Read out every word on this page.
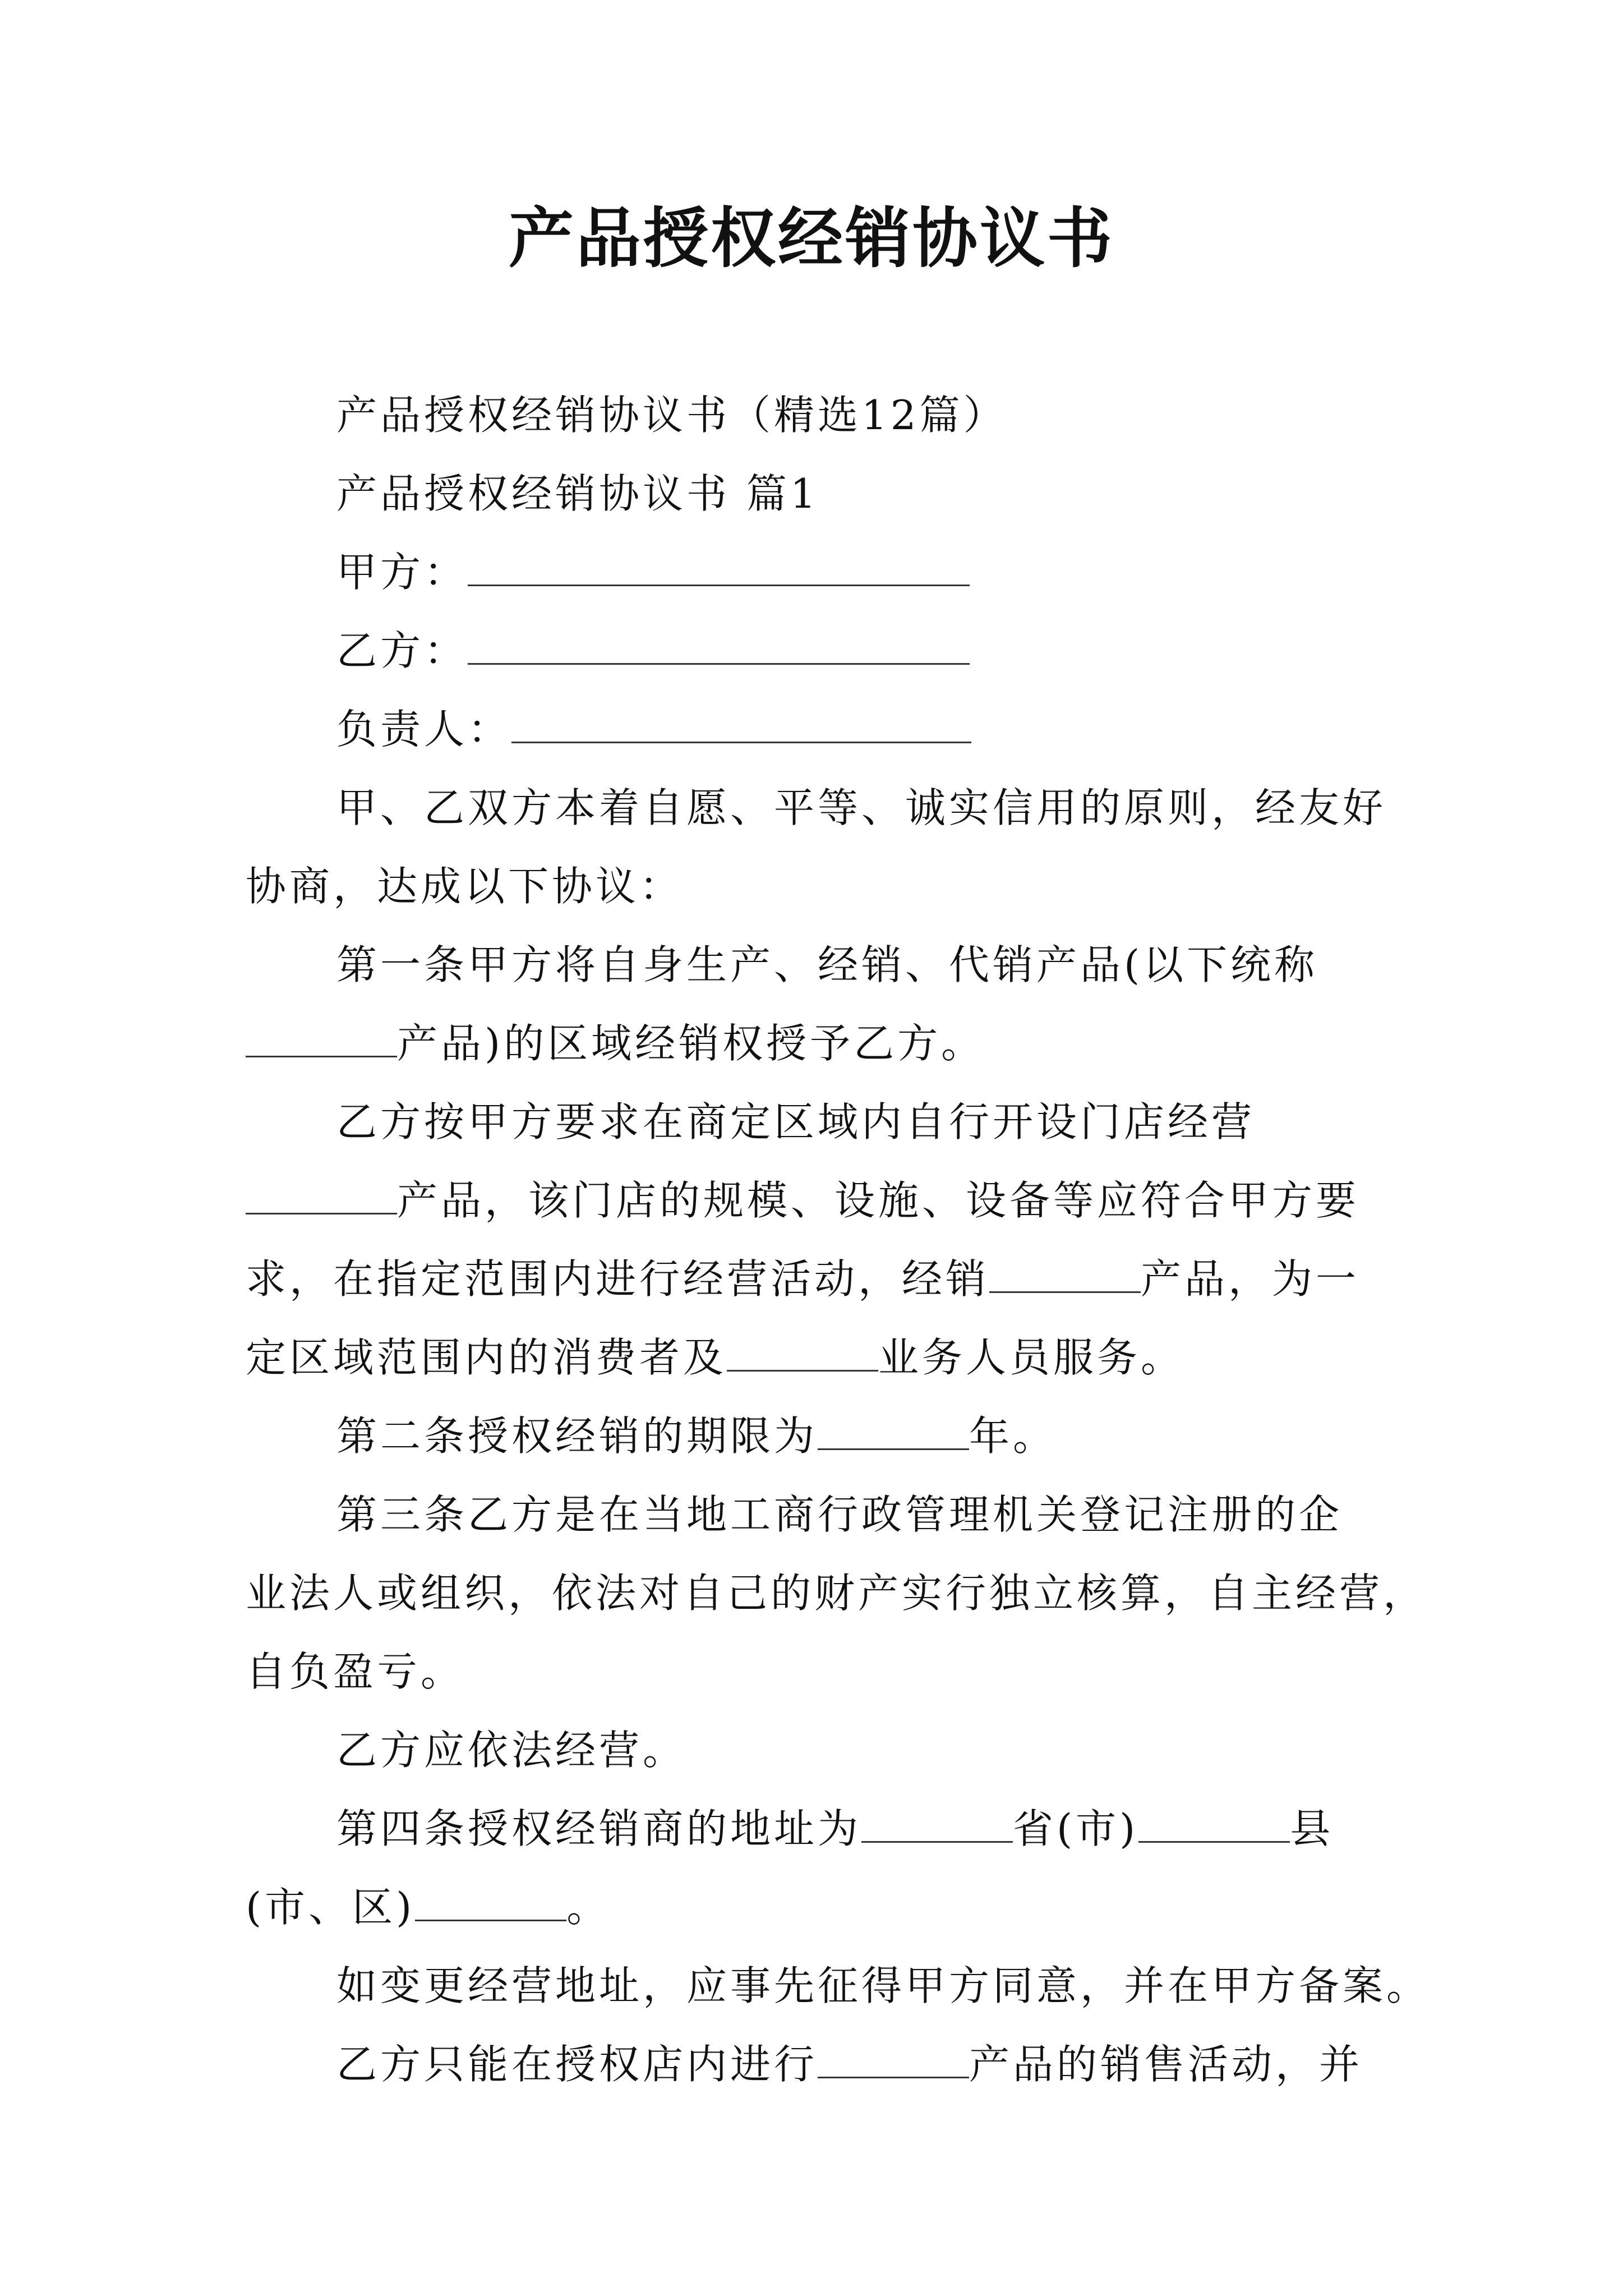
产品授权经销协议书
产品授权经销协议书（精选12篇）
产品授权经销协议书 篇1
甲方：
乙方：
负责人：
甲、乙双方本着自愿、平等、诚实信用的原则，经友好
协商，达成以下协议：
第一条甲方将自身生产、经销、代销产品(以下统称
产品)的区域经销权授予乙方。
乙方按甲方要求在商定区域内自行开设门店经营
产品，该门店的规模、设施、设备等应符合甲方要
求，在指定范围内进行经营活动，经销	产品，为一
定区域范围内的消费者及	业务人员服务。
第二条授权经销的期限为	年。
第三条乙方是在当地工商行政管理机关登记注册的企
业法人或组织，依法对自己的财产实行独立核算，自主经营，
自负盈亏。
乙方应依法经营。
第四条授权经销商的地址为	省(市)	县
(市、区)	。
如变更经营地址，应事先征得甲方同意，并在甲方备案。
乙方只能在授权店内进行	产品的销售活动，并
